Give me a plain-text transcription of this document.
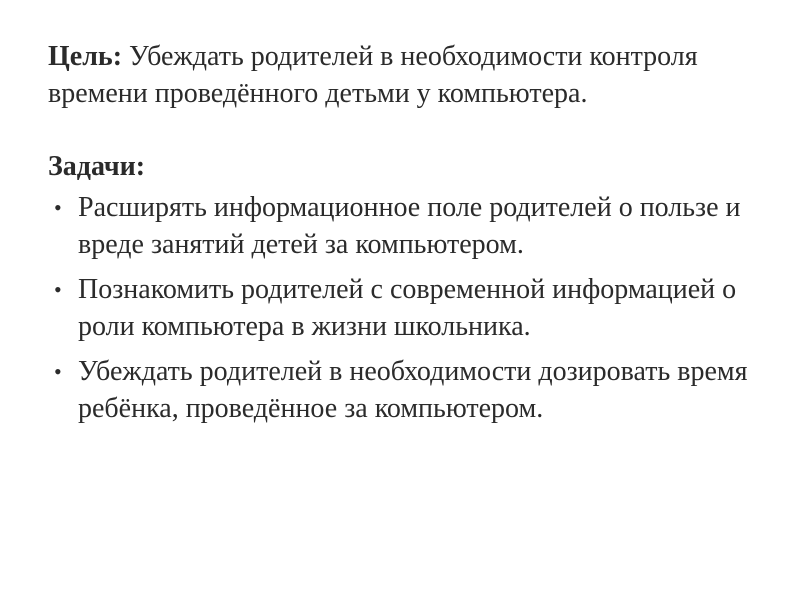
Цель: Убеждать родителей в необходимости контроля времени проведённого детьми у компьютера.

Задачи:

• Расширять информационное поле родителей о пользе и вреде занятий детей за компьютером.
• Познакомить родителей с современной информацией о роли компьютера в жизни школьника.
• Убеждать родителей в необходимости дозировать время ребёнка, проведённое за компьютером.
